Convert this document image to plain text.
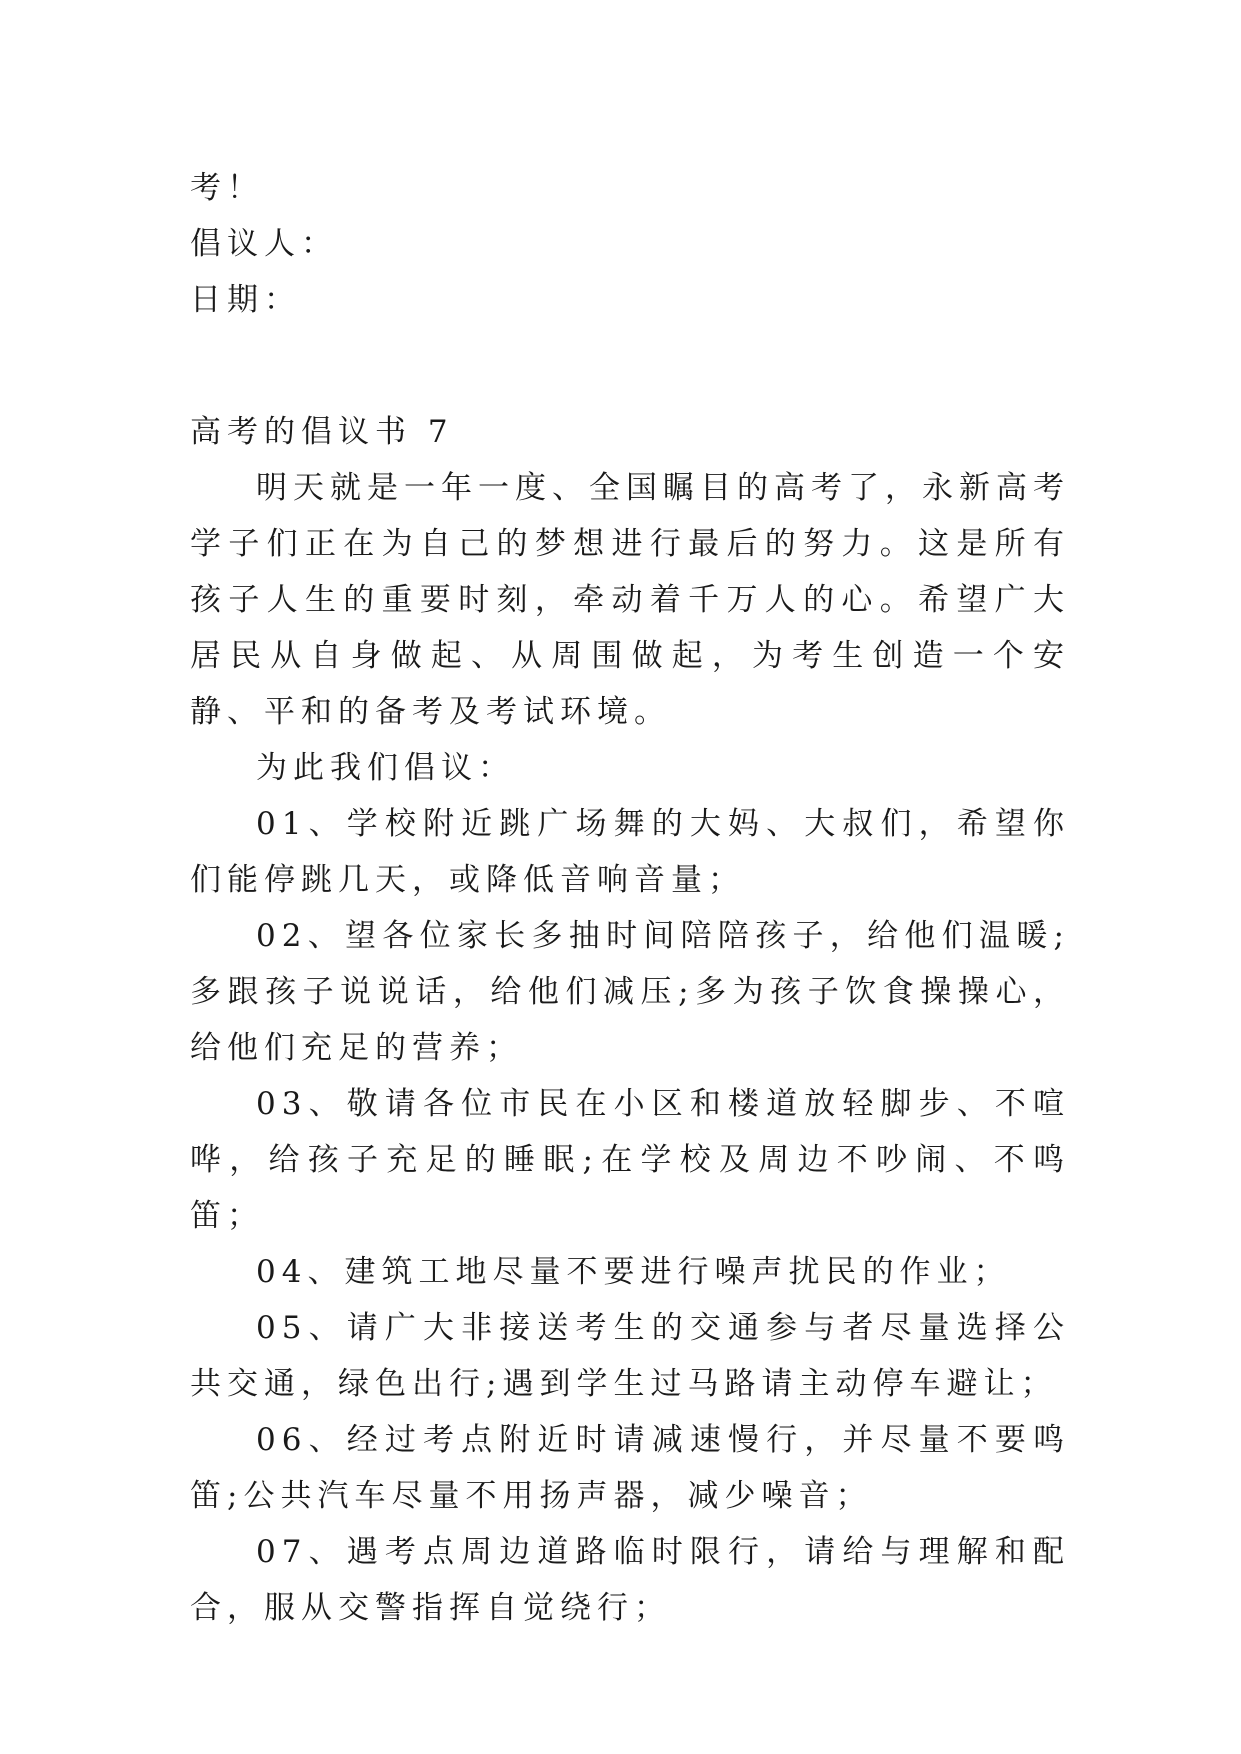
考！

倡议人：

日期：

高考的倡议书 7

明天就是一年一度、全国瞩目的高考了，永新高考学子们正在为自己的梦想进行最后的努力。这是所有孩子人生的重要时刻，牵动着千万人的心。希望广大居民从自身做起、从周围做起，为考生创造一个安静、平和的备考及考试环境。

为此我们倡议：

01、学校附近跳广场舞的大妈、大叔们，希望你们能停跳几天，或降低音响音量；

02、望各位家长多抽时间陪陪孩子，给他们温暖;多跟孩子说说话，给他们减压;多为孩子饮食操操心，给他们充足的营养；

03、敬请各位市民在小区和楼道放轻脚步、不喧哗，给孩子充足的睡眠;在学校及周边不吵闹、不鸣笛；

04、建筑工地尽量不要进行噪声扰民的作业；

05、请广大非接送考生的交通参与者尽量选择公共交通，绿色出行;遇到学生过马路请主动停车避让；

06、经过考点附近时请减速慢行，并尽量不要鸣笛;公共汽车尽量不用扬声器，减少噪音；

07、遇考点周边道路临时限行，请给与理解和配合，服从交警指挥自觉绕行；
